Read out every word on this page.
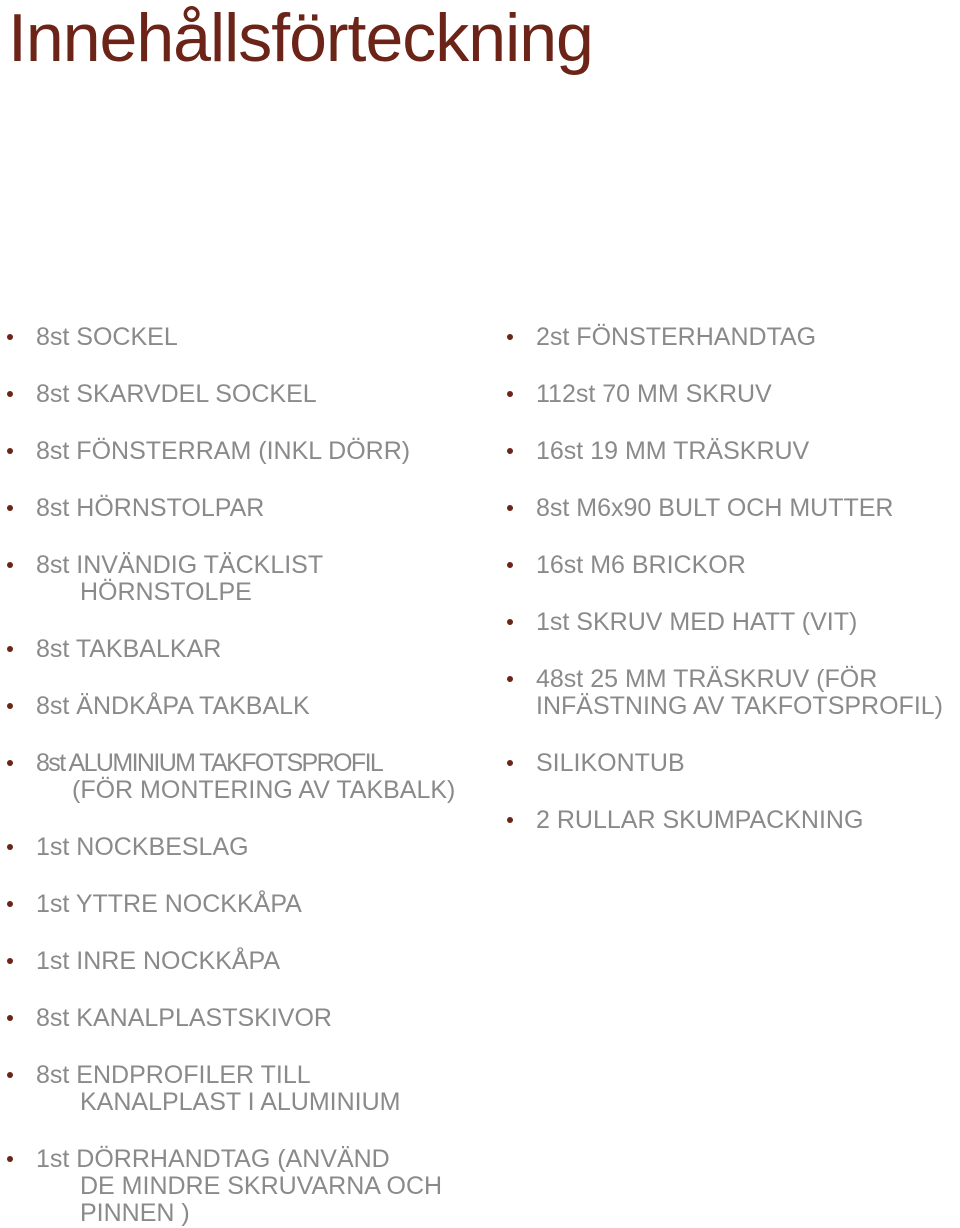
Innehållsförteckning
8st SOCKEL
8st SKARVDEL SOCKEL
8st FÖNSTERRAM (INKL DÖRR)
8st HÖRNSTOLPAR
8st INVÄNDIG TÄCKLIST
HÖRNSTOLPE
8st TAKBALKAR
8st ÄNDKÅPA TAKBALK
8st ALUMINIUM TAKFOTSPROFIL
(FÖR MONTERING AV TAKBALK)
1st NOCKBESLAG
1st YTTRE NOCKKÅPA
1st INRE NOCKKÅPA
8st KANALPLASTSKIVOR
8st ENDPROFILER TILL
KANALPLAST I ALUMINIUM
1st DÖRRHANDTAG (ANVÄND
DE MINDRE SKRUVARNA OCH
PINNEN )
2st FÖNSTERHANDTAG
112st 70 MM SKRUV
16st 19 MM TRÄSKRUV
8st M6x90 BULT OCH MUTTER
16st M6 BRICKOR
1st SKRUV MED HATT (VIT)
48st 25 MM TRÄSKRUV (FÖR
INFÄSTNING AV TAKFOTSPROFIL)
SILIKONTUB
2 RULLAR SKUMPACKNING
